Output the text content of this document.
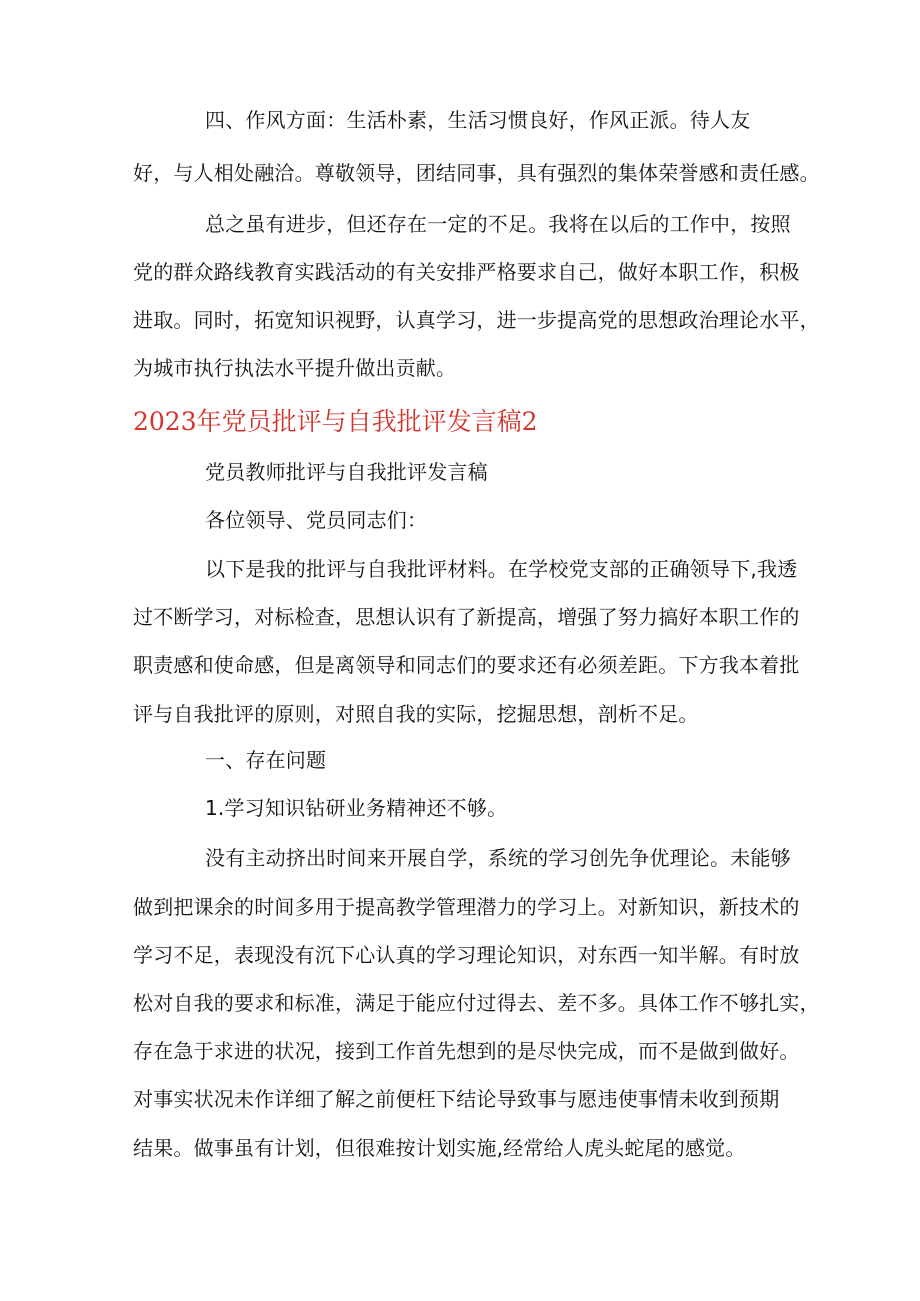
四、作风方面：生活朴素，生活习惯良好，作风正派。待人友
好，与人相处融洽。尊敬领导，团结同事，具有强烈的集体荣誉感和责任感。
总之虽有进步，但还存在一定的不足。我将在以后的工作中，按照
党的群众路线教育实践活动的有关安排严格要求自己，做好本职工作，积极
进取。同时，拓宽知识视野，认真学习，进一步提高党的思想政治理论水平，
为城市执行执法水平提升做出贡献。
2023年党员批评与自我批评发言稿2
党员教师批评与自我批评发言稿
各位领导、党员同志们：
以下是我的批评与自我批评材料。在学校党支部的正确领导下,我透
过不断学习，对标检查，思想认识有了新提高，增强了努力搞好本职工作的
职责感和使命感，但是离领导和同志们的要求还有必须差距。下方我本着批
评与自我批评的原则，对照自我的实际，挖掘思想，剖析不足。
一、存在问题
1.学习知识钻研业务精神还不够。
没有主动挤出时间来开展自学，系统的学习创先争优理论。未能够
做到把课余的时间多用于提高教学管理潜力的学习上。对新知识，新技术的
学习不足，表现没有沉下心认真的学习理论知识，对东西一知半解。有时放
松对自我的要求和标准，满足于能应付过得去、差不多。具体工作不够扎实，
存在急于求进的状况，接到工作首先想到的是尽快完成，而不是做到做好。
对事实状况未作详细了解之前便枉下结论导致事与愿违使事情未收到预期
结果。做事虽有计划，但很难按计划实施,经常给人虎头蛇尾的感觉。
